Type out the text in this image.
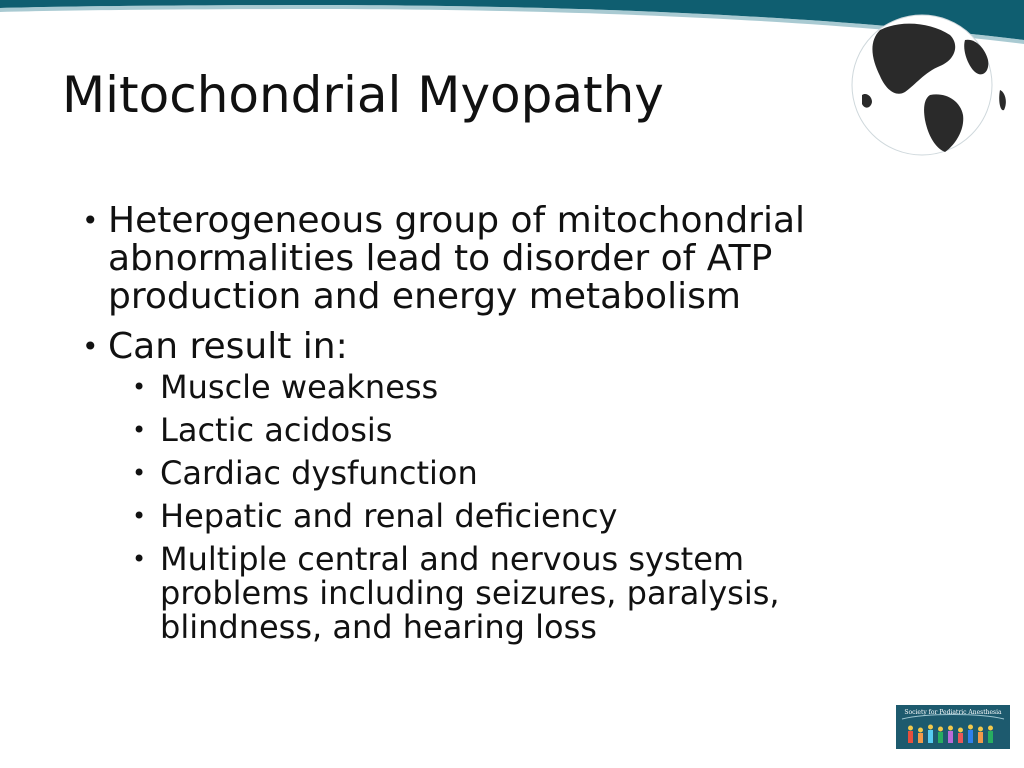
Mitochondrial Myopathy
• Heterogeneous group of mitochondrial abnormalities lead to disorder of ATP production and energy metabolism
• Can result in:
• Muscle weakness
• Lactic acidosis
• Cardiac dysfunction
• Hepatic and renal deficiency
• Multiple central and nervous system problems including seizures, paralysis, blindness, and hearing loss
Society for Pediatric Anesthesia
